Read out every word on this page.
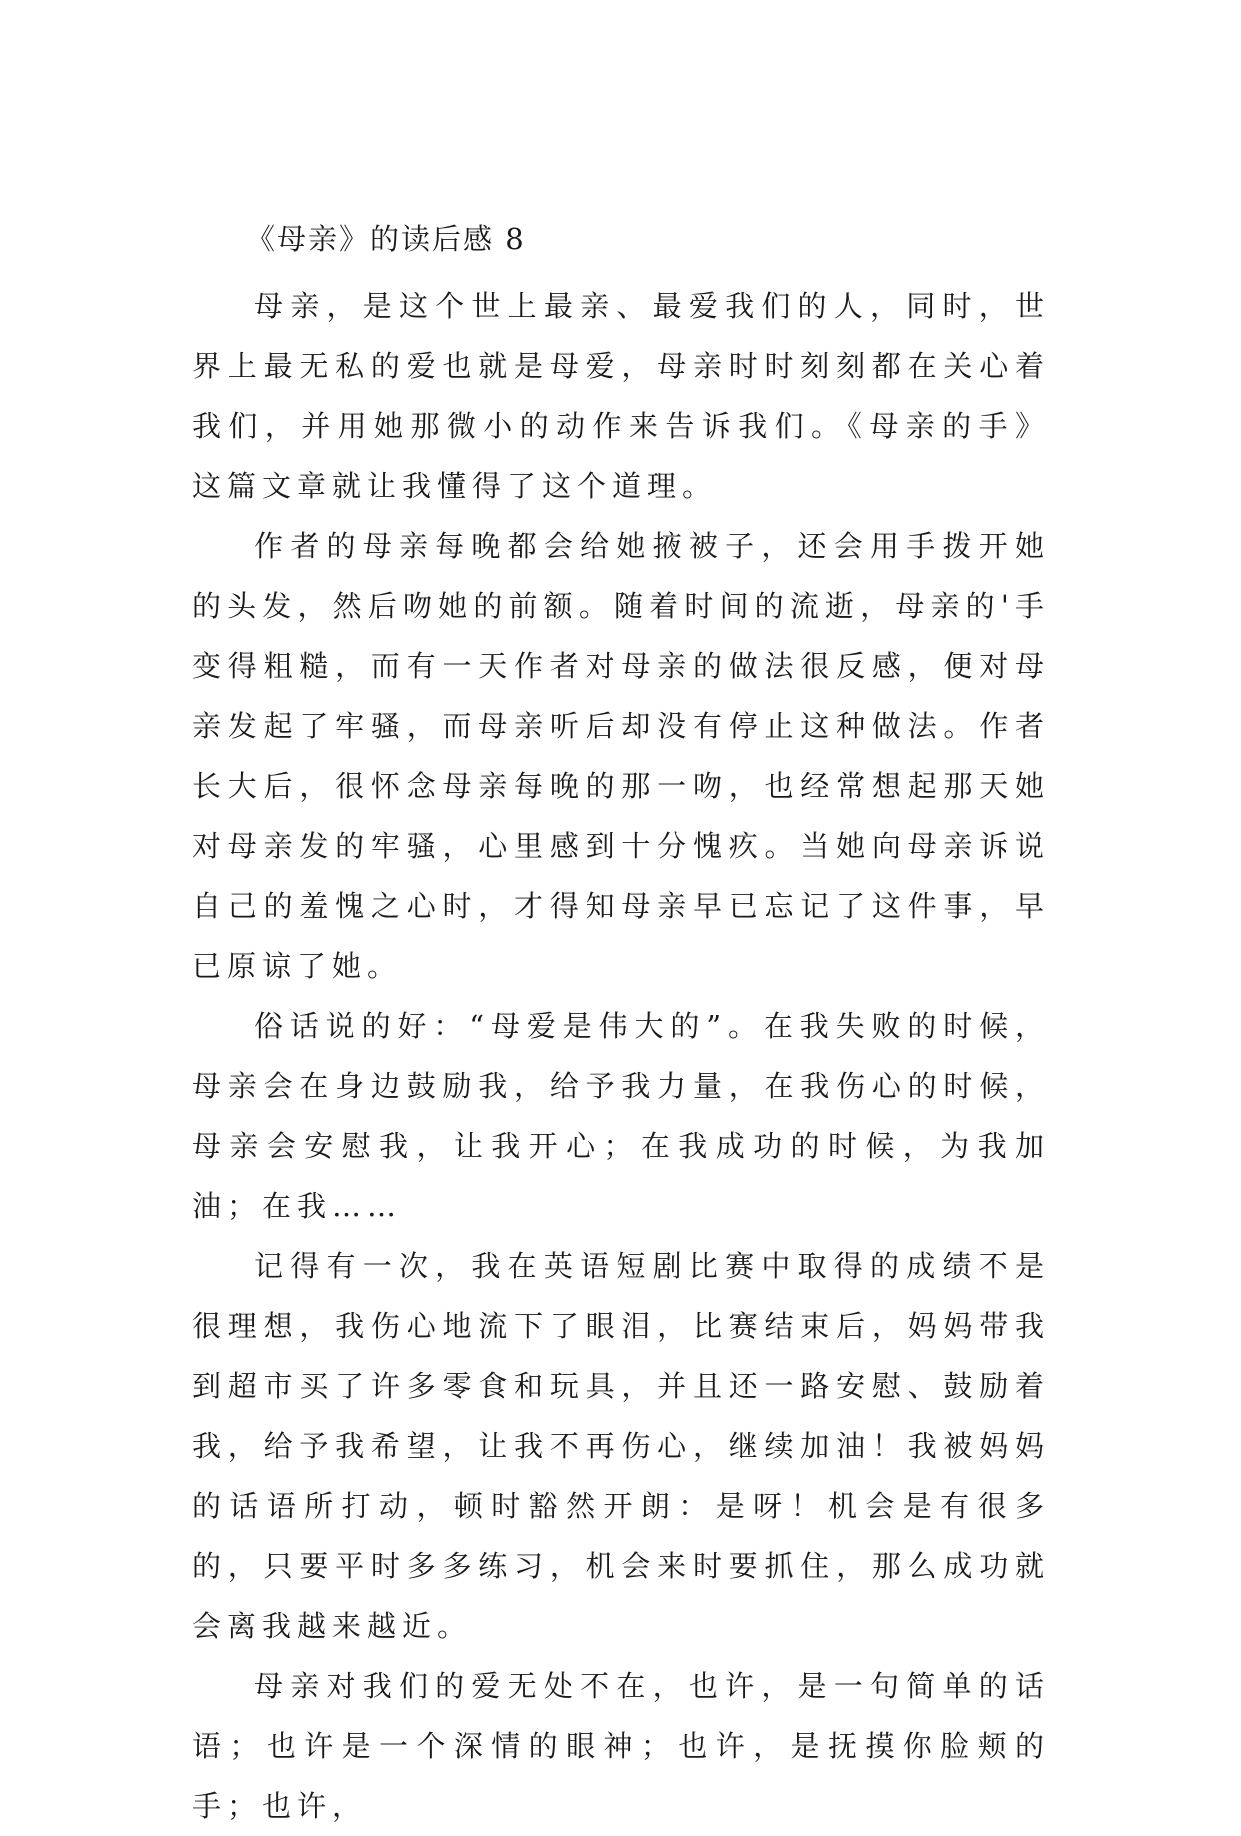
《母亲》的读后感 8

母亲，是这个世上最亲、最爱我们的人，同时，世界上最无私的爱也就是母爱，母亲时时刻刻都在关心着我们，并用她那微小的动作来告诉我们。《母亲的手》这篇文章就让我懂得了这个道理。

作者的母亲每晚都会给她掖被子，还会用手拨开她的头发，然后吻她的前额。随着时间的流逝，母亲的'手变得粗糙，而有一天作者对母亲的做法很反感，便对母亲发起了牢骚，而母亲听后却没有停止这种做法。作者长大后，很怀念母亲每晚的那一吻，也经常想起那天她对母亲发的牢骚，心里感到十分愧疚。当她向母亲诉说自己的羞愧之心时，才得知母亲早已忘记了这件事，早已原谅了她。

俗话说的好：“母爱是伟大的”。在我失败的时候，母亲会在身边鼓励我，给予我力量，在我伤心的时候，母亲会安慰我，让我开心；在我成功的时候，为我加油；在我……

记得有一次，我在英语短剧比赛中取得的成绩不是很理想，我伤心地流下了眼泪，比赛结束后，妈妈带我到超市买了许多零食和玩具，并且还一路安慰、鼓励着我，给予我希望，让我不再伤心，继续加油！我被妈妈的话语所打动，顿时豁然开朗：是呀！机会是有很多的，只要平时多多练习，机会来时要抓住，那么成功就会离我越来越近。

母亲对我们的爱无处不在，也许，是一句简单的话语；也许是一个深情的眼神；也许，是抚摸你脸颊的手；也许，
